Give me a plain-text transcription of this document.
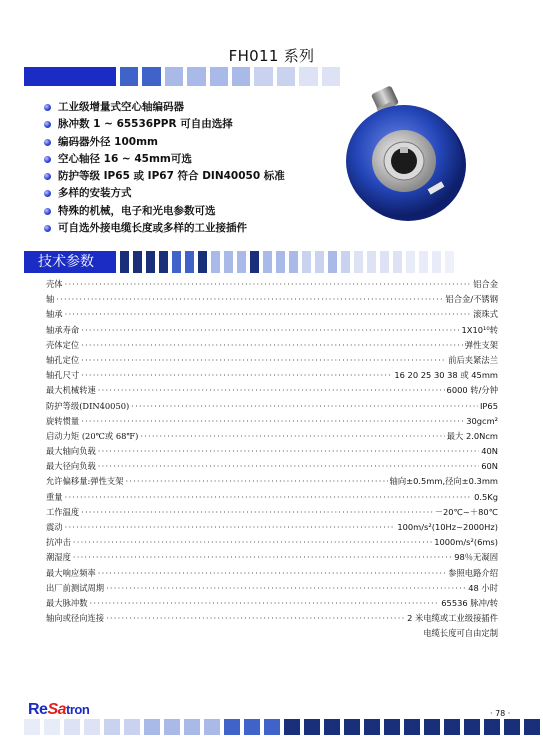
FH011 系列
工业级增量式空心轴编码器
脉冲数 1 ~ 65536PPR 可自由选择
编码器外径 100mm
空心轴径 16 ~ 45mm可选
防护等级 IP65 或 IP67 符合 DIN40050 标准
多样的安装方式
特殊的机械，电子和光电参数可选
可自选外接电缆长度或多样的工业接插件
技术参数
壳体 ·····	铝合金
轴 ·····	铝合金/不锈钢
轴承 ·····	滚珠式
轴承寿命 ·····	1X10¹⁰转
壳体定位 ·····	弹性支架
轴孔定位 ·····	前后夹紧法兰
轴孔尺寸 ·····	16 20 25 30 38 或 45mm
最大机械转速 ·····	6000 转/分钟
防护等级(DIN40050) ·····	IP65
旋转惯量 ·····	30gcm²
启动力矩 (20℃或 68℉) ·····	最大 2.0Ncm
最大轴向负载 ·····	40N
最大径向负载 ·····	60N
允许偏移量:弹性支架 ·····	轴向±0.5mm,径向±0.3mm
重量 ·····	0.5Kg
工作温度 ·····	－20℃~＋80℃
震动 ·····	100m/s²(10Hz~2000Hz)
抗冲击 ·····	1000m/s²(6ms)
潮湿度 ·····	98％无凝固
最大响应频率 ·····	参照电路介绍
出厂前测试周期 ·····	48 小时
最大脉冲数 ·····	65536 脉冲/转
轴向或径向连接 ·····	2 米电缆或工业级接插件
电缆长度可自由定制
ReSatron	· 78 ·
